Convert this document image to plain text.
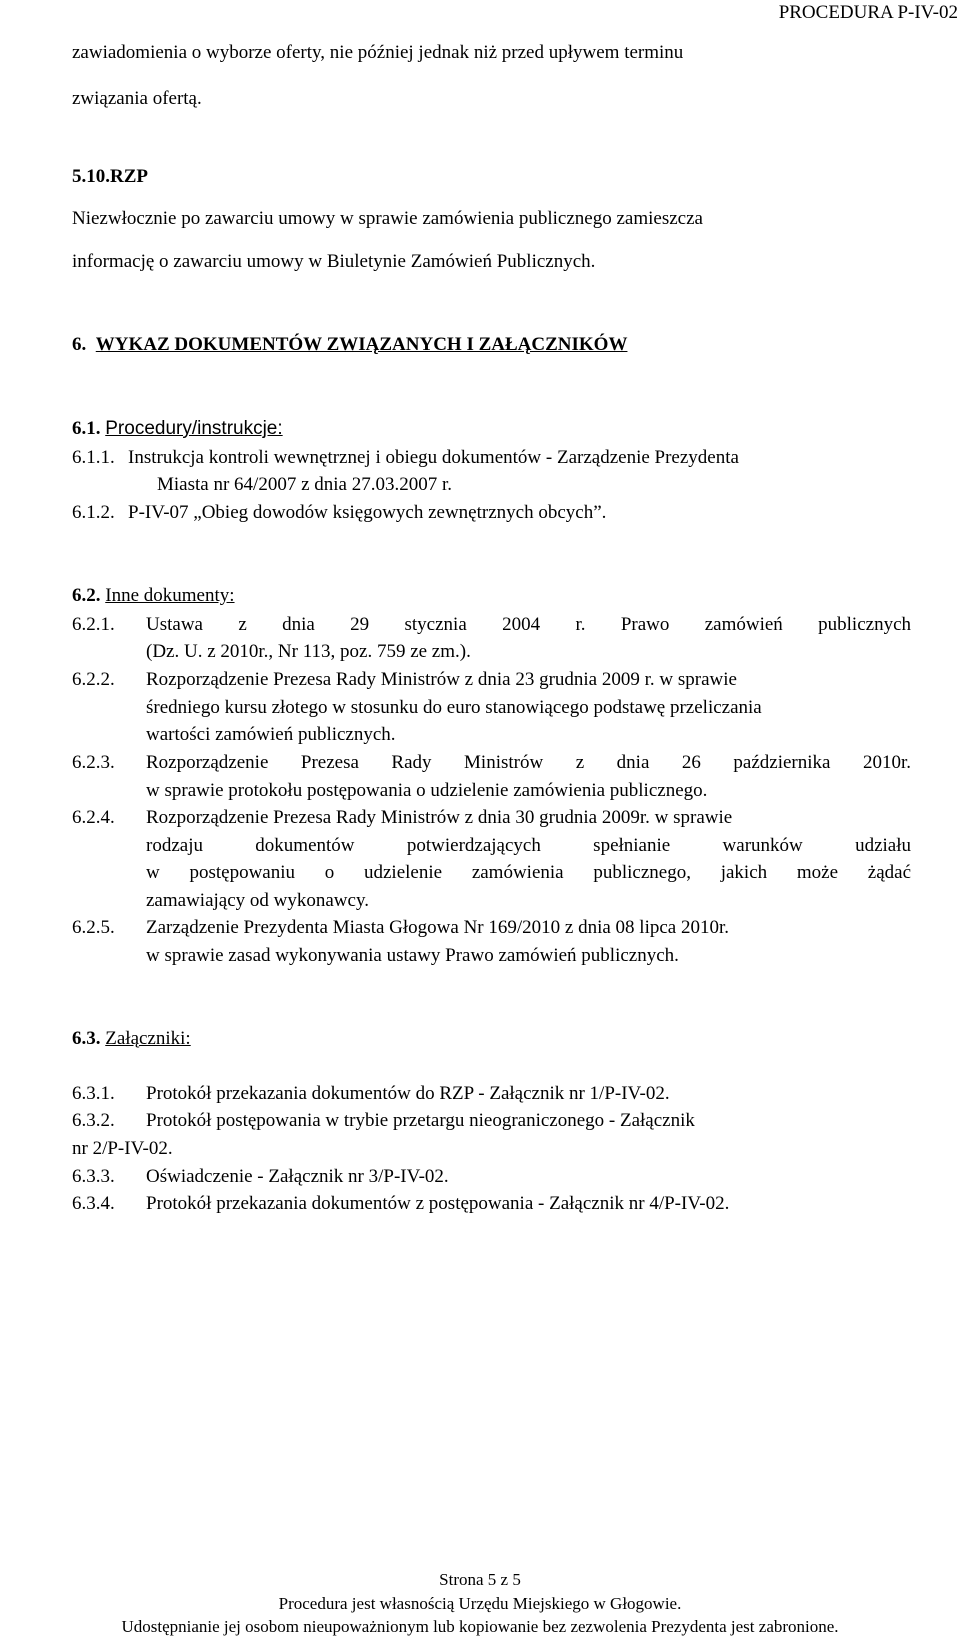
PROCEDURA P-IV-02
zawiadomienia o wyborze oferty, nie później jednak niż przed upływem terminu
związania ofertą.
5.10.RZP
Niezwłocznie po zawarciu umowy w sprawie zamówienia publicznego zamieszcza
informację o zawarciu umowy w Biuletynie Zamówień Publicznych.
6. WYKAZ DOKUMENTÓW ZWIĄZANYCH I ZAŁĄCZNIKÓW
6.1. Procedury/instrukcje:
6.1.1. Instrukcja kontroli wewnętrznej i obiegu dokumentów - Zarządzenie Prezydenta
Miasta nr 64/2007 z dnia 27.03.2007 r.
6.1.2. P-IV-07 „Obieg dowodów księgowych zewnętrznych obcych”.
6.2. Inne dokumenty:
6.2.1. Ustawa z dnia 29 stycznia 2004 r. Prawo zamówień publicznych
(Dz. U. z 2010r., Nr 113, poz. 759 ze zm.).
6.2.2. Rozporządzenie Prezesa Rady Ministrów z dnia 23 grudnia 2009 r. w sprawie
średniego kursu złotego w stosunku do euro stanowiącego podstawę przeliczania
wartości zamówień publicznych.
6.2.3. Rozporządzenie Prezesa Rady Ministrów z dnia 26 października 2010r.
w sprawie protokołu postępowania o udzielenie zamówienia publicznego.
6.2.4. Rozporządzenie Prezesa Rady Ministrów z dnia 30 grudnia 2009r. w sprawie
rodzaju dokumentów potwierdzających spełnianie warunków udziału
w postępowaniu o udzielenie zamówienia publicznego, jakich może żądać
zamawiający od wykonawcy.
6.2.5. Zarządzenie Prezydenta Miasta Głogowa Nr 169/2010 z dnia 08 lipca 2010r.
w sprawie zasad wykonywania ustawy Prawo zamówień publicznych.
6.3. Załączniki:
6.3.1. Protokół przekazania dokumentów do RZP - Załącznik nr 1/P-IV-02.
6.3.2. Protokół postępowania w trybie przetargu nieograniczonego - Załącznik
nr 2/P-IV-02.
6.3.3. Oświadczenie - Załącznik nr 3/P-IV-02.
6.3.4. Protokół przekazania dokumentów z postępowania - Załącznik nr 4/P-IV-02.
Strona 5 z 5
Procedura jest własnością Urzędu Miejskiego w Głogowie.
Udostępnianie jej osobom nieupoważnionym lub kopiowanie bez zezwolenia Prezydenta jest zabronione.
